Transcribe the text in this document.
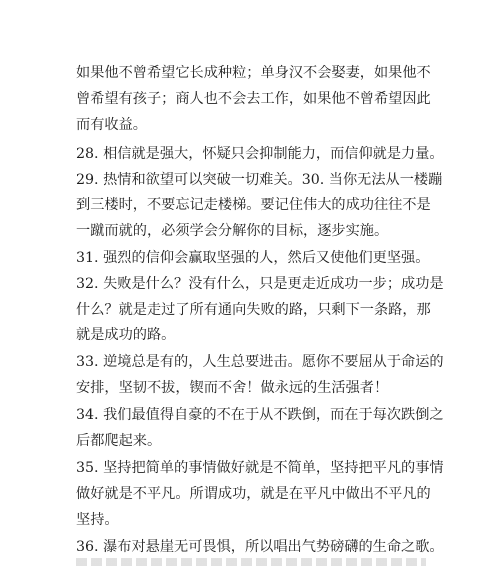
如果他不曾希望它长成种粒；单身汉不会娶妻，如果他不
曾希望有孩子；商人也不会去工作，如果他不曾希望因此
而有收益。
28. 相信就是强大，怀疑只会抑制能力，而信仰就是力量。
29. 热情和欲望可以突破一切难关。30. 当你无法从一楼蹦
到三楼时，不要忘记走楼梯。要记住伟大的成功往往不是
一蹴而就的，必须学会分解你的目标，逐步实施。
31. 强烈的信仰会赢取坚强的人，然后又使他们更坚强。
32. 失败是什么？没有什么，只是更走近成功一步；成功是
什么？就是走过了所有通向失败的路，只剩下一条路，那
就是成功的路。
33. 逆境总是有的，人生总要进击。愿你不要屈从于命运的
安排，坚韧不拔，锲而不舍！做永远的生活强者！
34. 我们最值得自豪的不在于从不跌倒，而在于每次跌倒之
后都爬起来。
35. 坚持把简单的事情做好就是不简单，坚持把平凡的事情
做好就是不平凡。所谓成功，就是在平凡中做出不平凡的
坚持。
36. 瀑布对悬崖无可畏惧，所以唱出气势磅礴的生命之歌。
